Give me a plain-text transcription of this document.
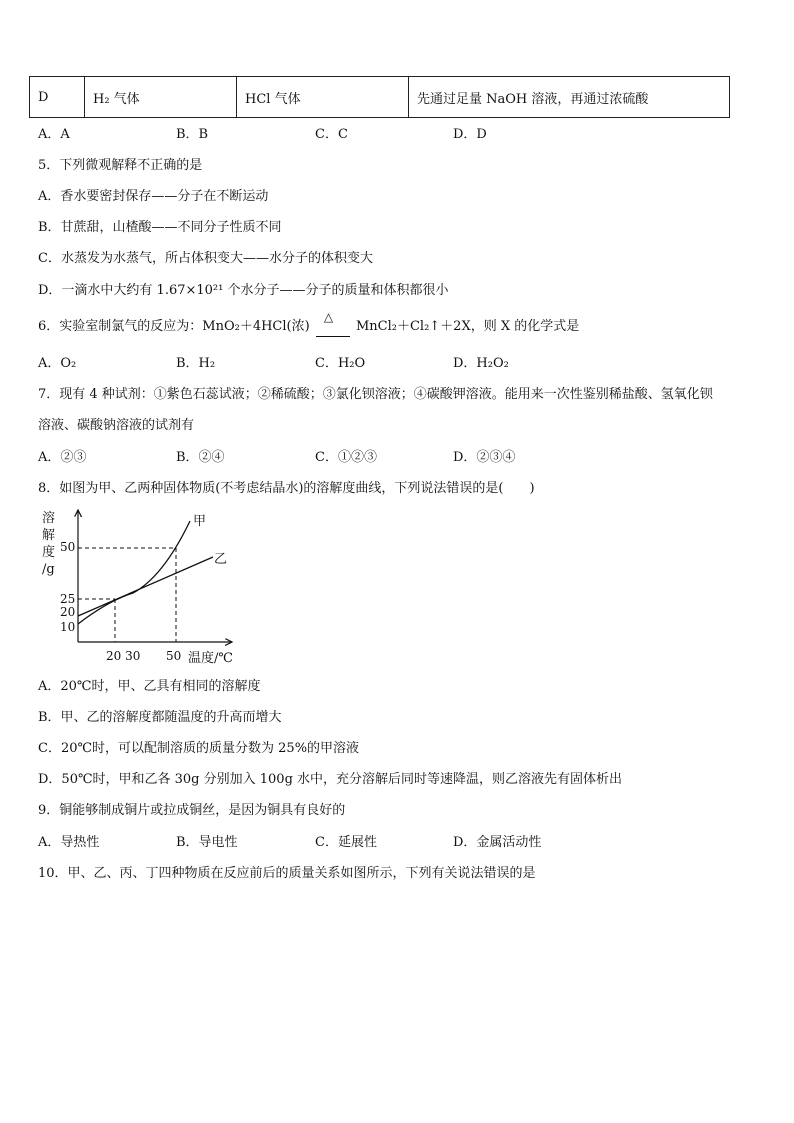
D	H₂ 气体	HCl 气体	先通过足量 NaOH 溶液，再通过浓硫酸
A．A	B．B	C．C	D．D
5．下列微观解释不正确的是
A．香水要密封保存——分子在不断运动
B．甘蔗甜，山楂酸——不同分子性质不同
C．水蒸发为水蒸气，所占体积变大——水分子的体积变大
D．一滴水中大约有 1.67×10²¹ 个水分子——分子的质量和体积都很小
6．实验室制氯气的反应为：MnO₂＋4HCl(浓)
△
MnCl₂＋Cl₂↑＋2X，则 X 的化学式是
A．O₂	B．H₂	C．H₂O	D．H₂O₂
7．现有 4 种试剂：①紫色石蕊试液；②稀硫酸；③氯化钡溶液；④碳酸钾溶液。能用来一次性鉴别稀盐酸、氢氧化钡
溶液、碳酸钠溶液的试剂有
A．②③	B．②④	C．①②③	D．②③④
8．如图为甲、乙两种固体物质(不考虑结晶水)的溶解度曲线，下列说法错误的是(　　)
溶
解
度
/g
50
25
20
10
甲
乙
20 30 50 温度/℃
A．20℃时，甲、乙具有相同的溶解度
B．甲、乙的溶解度都随温度的升高而增大
C．20℃时，可以配制溶质的质量分数为 25%的甲溶液
D．50℃时，甲和乙各 30g 分别加入 100g 水中，充分溶解后同时等速降温，则乙溶液先有固体析出
9．铜能够制成铜片或拉成铜丝，是因为铜具有良好的
A．导热性	B．导电性	C．延展性	D．金属活动性
10．甲、乙、丙、丁四种物质在反应前后的质量关系如图所示，下列有关说法错误的是
